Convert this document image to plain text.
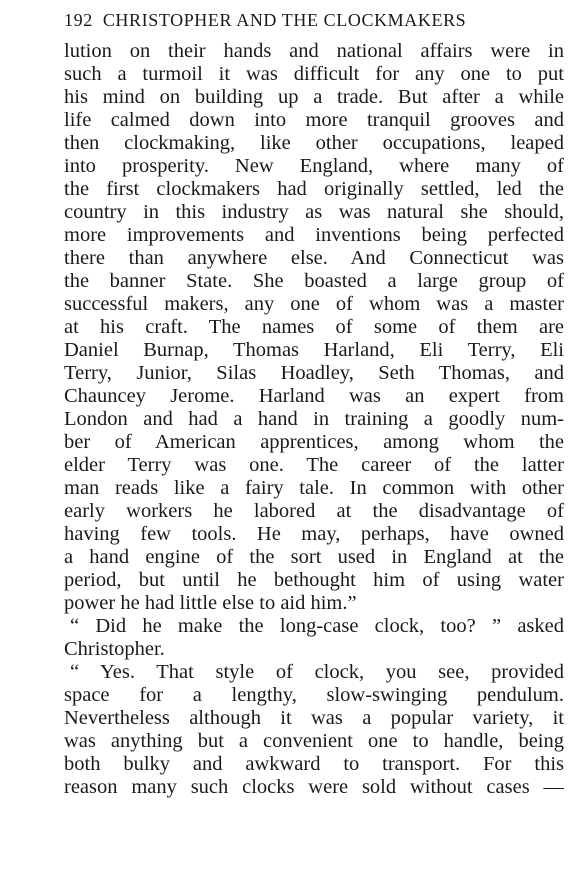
192 CHRISTOPHER AND THE CLOCKMAKERS
lution on their hands and national affairs were in
such a turmoil it was difficult for any one to put
his mind on building up a trade. But after a while
life calmed down into more tranquil grooves and
then clockmaking, like other occupations, leaped
into prosperity. New England, where many of
the first clockmakers had originally settled, led the
country in this industry as was natural she should,
more improvements and inventions being perfected
there than anywhere else. And Connecticut was
the banner State. She boasted a large group of
successful makers, any one of whom was a master
at his craft. The names of some of them are
Daniel Burnap, Thomas Harland, Eli Terry, Eli
Terry, Junior, Silas Hoadley, Seth Thomas, and
Chauncey Jerome. Harland was an expert from
London and had a hand in training a goodly num-
ber of American apprentices, among whom the
elder Terry was one. The career of the latter
man reads like a fairy tale. In common with other
early workers he labored at the disadvantage of
having few tools. He may, perhaps, have owned
a hand engine of the sort used in England at the
period, but until he bethought him of using water
power he had little else to aid him.”
“ Did he make the long-case clock, too? ” asked
Christopher.
“ Yes. That style of clock, you see, provided
space for a lengthy, slow-swinging pendulum.
Nevertheless although it was a popular variety, it
was anything but a convenient one to handle, being
both bulky and awkward to transport. For this
reason many such clocks were sold without cases —
